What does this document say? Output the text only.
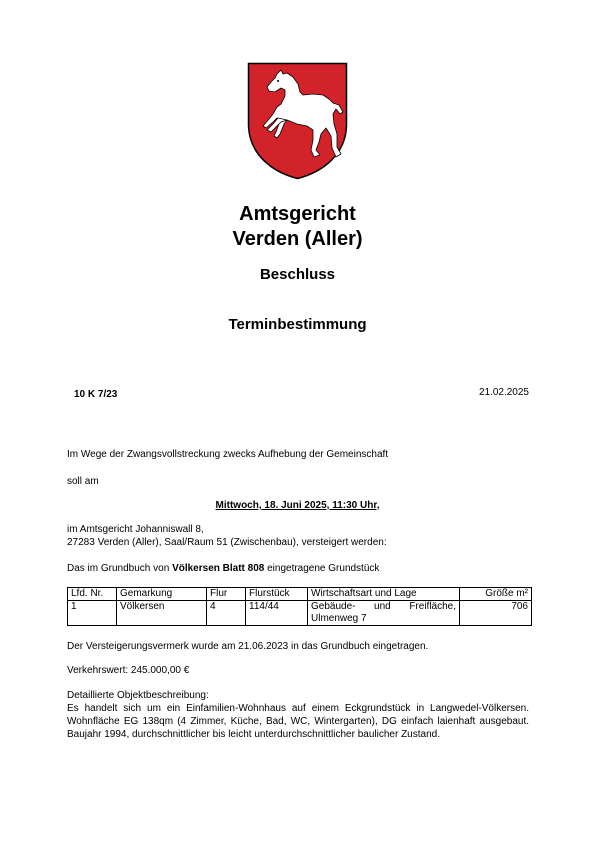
Amtsgericht
Verden (Aller)
Beschluss
Terminbestimmung
10 K 7/23	21.02.2025
Im Wege der Zwangsvollstreckung zwecks Aufhebung der Gemeinschaft
soll am
Mittwoch, 18. Juni 2025, 11:30 Uhr,
im Amtsgericht Johanniswall 8,
27283 Verden (Aller), Saal/Raum 51 (Zwischenbau), versteigert werden:
Das im Grundbuch von Völkersen Blatt 808 eingetragene Grundstück
Lfd. Nr.	Gemarkung	Flur	Flurstück	Wirtschaftsart und Lage	Größe m²
1	Völkersen	4	114/44	Gebäude- und Freifläche,
Ulmenweg 7	706
Der Versteigerungsvermerk wurde am 21.06.2023 in das Grundbuch eingetragen.
Verkehrswert: 245.000,00 €
Detaillierte Objektbeschreibung:
Es handelt sich um ein Einfamilien-Wohnhaus auf einem Eckgrundstück in Langwedel-Völkersen. Wohnfläche EG 138qm (4 Zimmer, Küche, Bad, WC, Wintergarten), DG einfach laienhaft ausgebaut. Baujahr 1994, durchschnittlicher bis leicht unterdurchschnittlicher baulicher Zustand.
